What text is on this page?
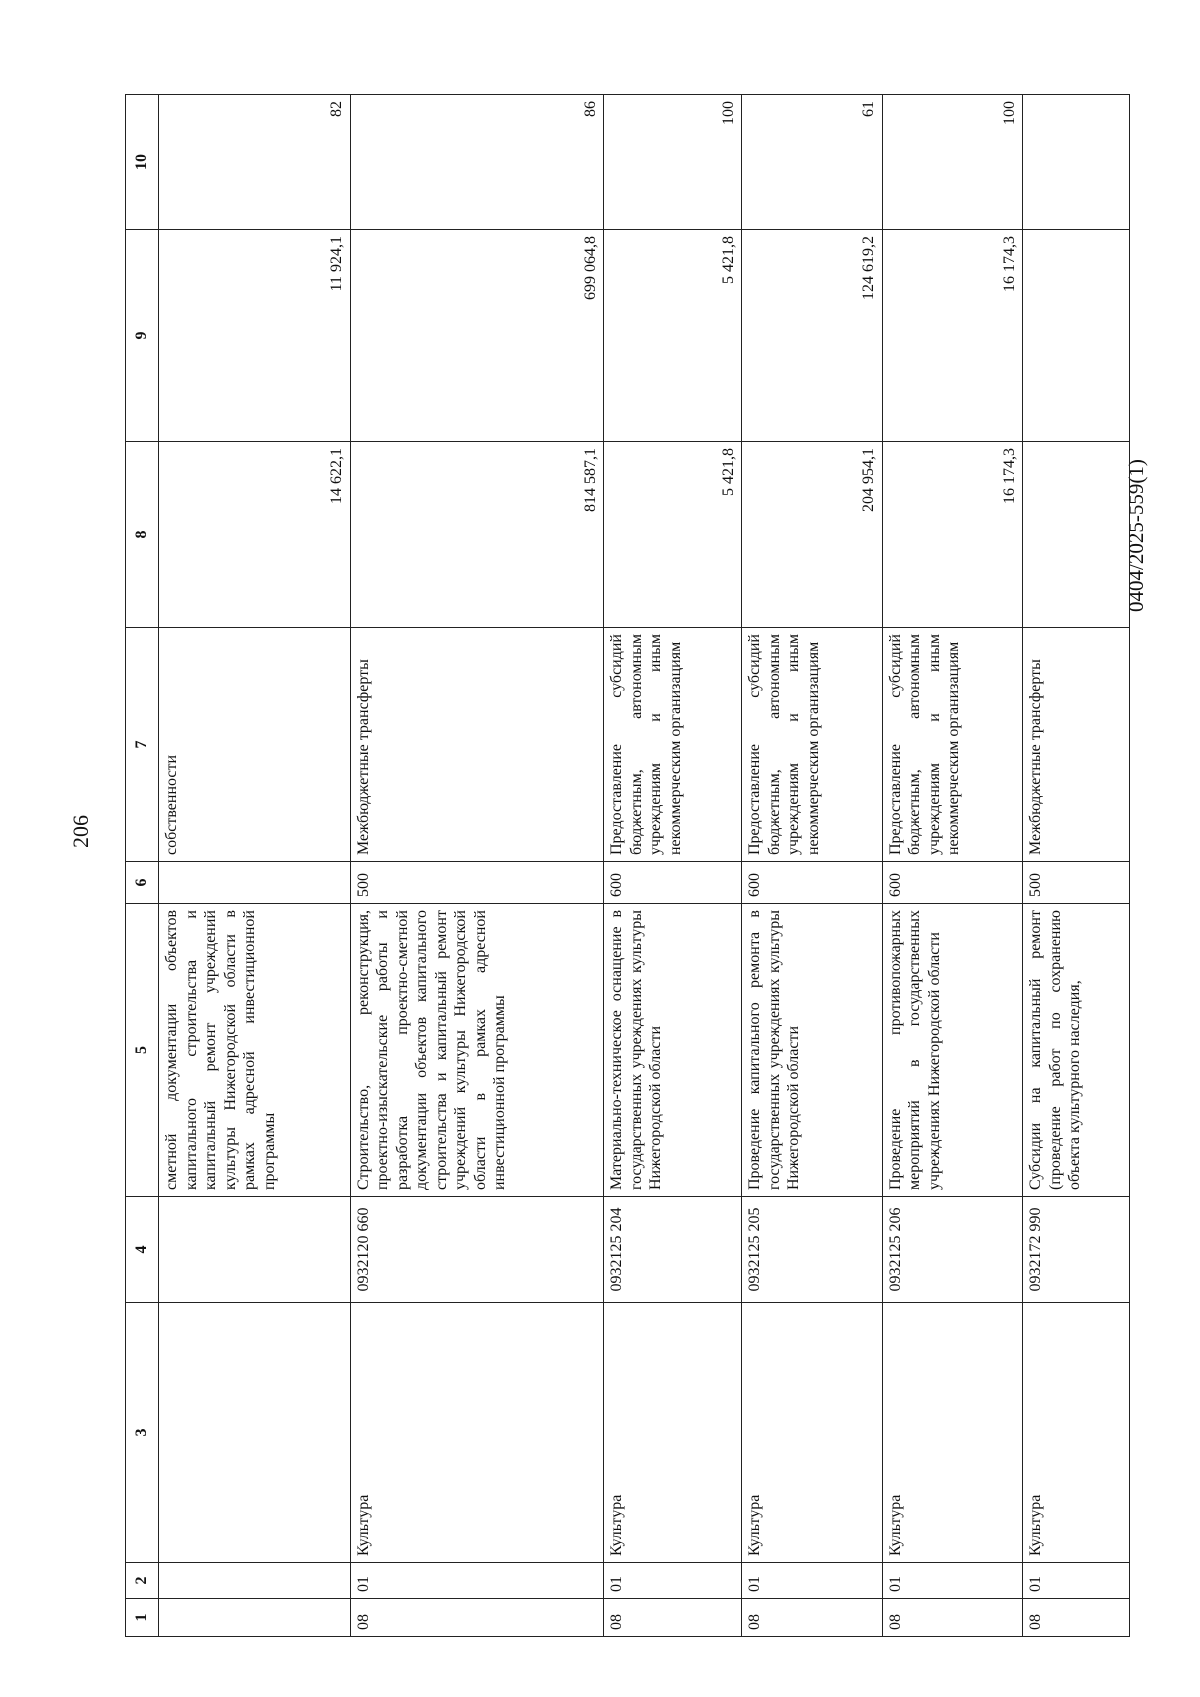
206
0404/2025-559(1)
1	2	3	4	5	6	7	8	9	10
				сметной документации объектов капитального строительства и капитальный ремонт учреждений культуры Нижегородской области в рамках адресной инвестиционной программы		собственности	14 622,1	11 924,1	82
08	01	Культура	0932120 660	Строительство, реконструкция, проектно-изыскательские работы и разработка проектно-сметной документации объектов капитального строительства и капитальный ремонт учреждений культуры Нижегородской области в рамках адресной инвестиционной программы	500	Межбюджетные трансферты	814 587,1	699 064,8	86
08	01	Культура	0932125 204	Материально-техническое оснащение в государственных учреждениях культуры Нижегородской области	600	Предоставление субсидий бюджетным, автономным учреждениям и иным некоммерческим организациям	5 421,8	5 421,8	100
08	01	Культура	0932125 205	Проведение капитального ремонта в государственных учреждениях культуры Нижегородской области	600	Предоставление субсидий бюджетным, автономным учреждениям и иным некоммерческим организациям	204 954,1	124 619,2	61
08	01	Культура	0932125 206	Проведение противопожарных мероприятий в государственных учреждениях Нижегородской области	600	Предоставление субсидий бюджетным, автономным учреждениям и иным некоммерческим организациям	16 174,3	16 174,3	100
08	01	Культура	0932172 990	Субсидии на капитальный ремонт (проведение работ по сохранению объекта культурного наследия,	500	Межбюджетные трансферты			
